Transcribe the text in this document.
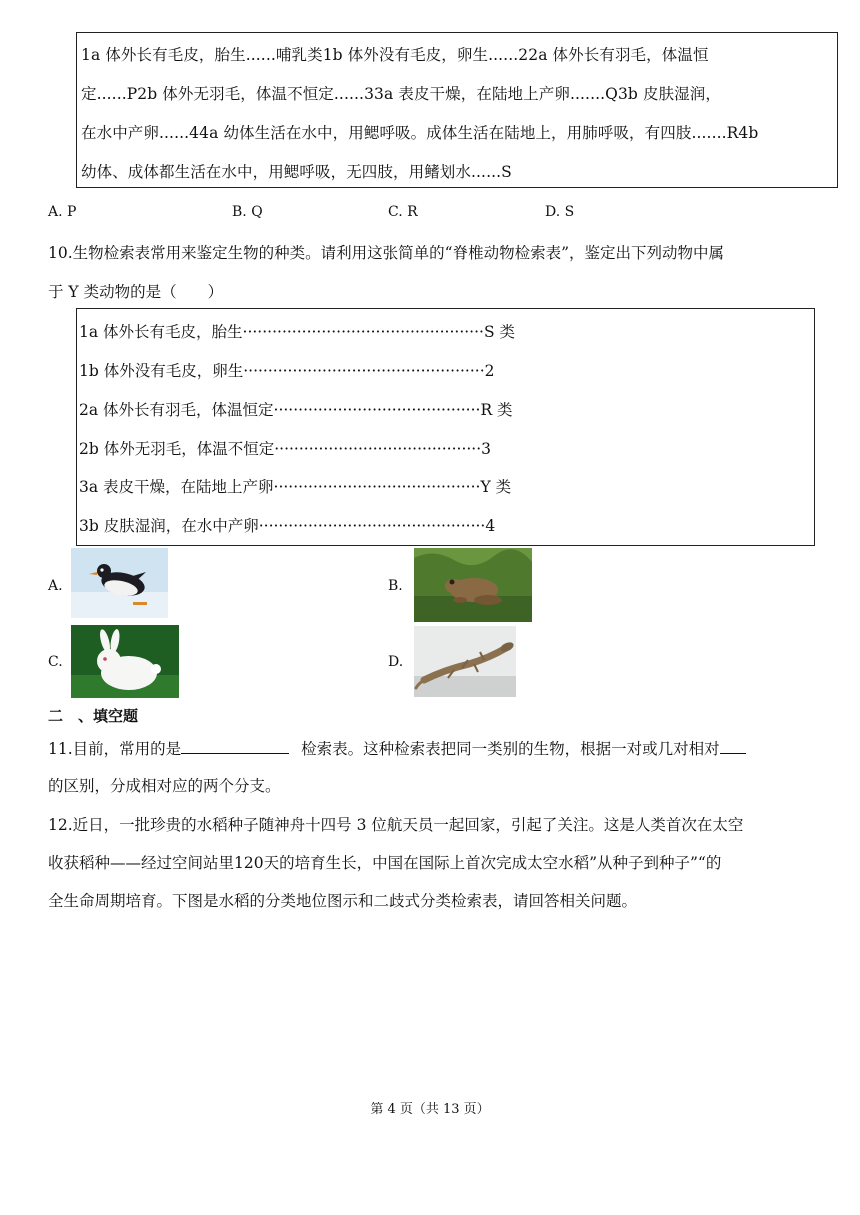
1a 体外长有毛皮，胎生......哺乳类1b 体外没有毛皮，卵生......22a 体外长有羽毛，体温恒
定......P2b 体外无羽毛，体温不恒定......33a 表皮干燥，在陆地上产卵.......Q3b 皮肤湿润，
在水中产卵......44a 幼体生活在水中，用鳃呼吸。成体生活在陆地上，用肺呼吸，有四肢.......R4b
幼体、成体都生活在水中，用鳃呼吸，无四肢，用鳍划水......S
A. P	B. Q	C. R	D. S
10.生物检索表常用来鉴定生物的种类。请利用这张简单的“脊椎动物检索表”，鉴定出下列动物中属
于 Y 类动物的是（　　）
1a 体外长有毛皮，胎生·················································S 类
1b 体外没有毛皮，卵生·················································2
2a 体外长有羽毛，体温恒定··········································R 类
2b 体外无羽毛，体温不恒定··········································3
3a 表皮干燥，在陆地上产卵··········································Y 类
3b 皮肤湿润，在水中产卵··············································4
A.	B.
C.	D.
二　、填空题
11.目前，常用的是	检索表。这种检索表把同一类别的生物，根据一对或几对相对
的区别，分成相对应的两个分支。
12.近日，一批珍贵的水稻种子随神舟十四号 3 位航天员一起回家，引起了关注。这是人类首次在太空
收获稻种——经过空间站里120天的培育生长，中国在国际上首次完成太空水稻”从种子到种子”“的
全生命周期培育。下图是水稻的分类地位图示和二歧式分类检索表，请回答相关问题。
第 4 页（共 13 页）
